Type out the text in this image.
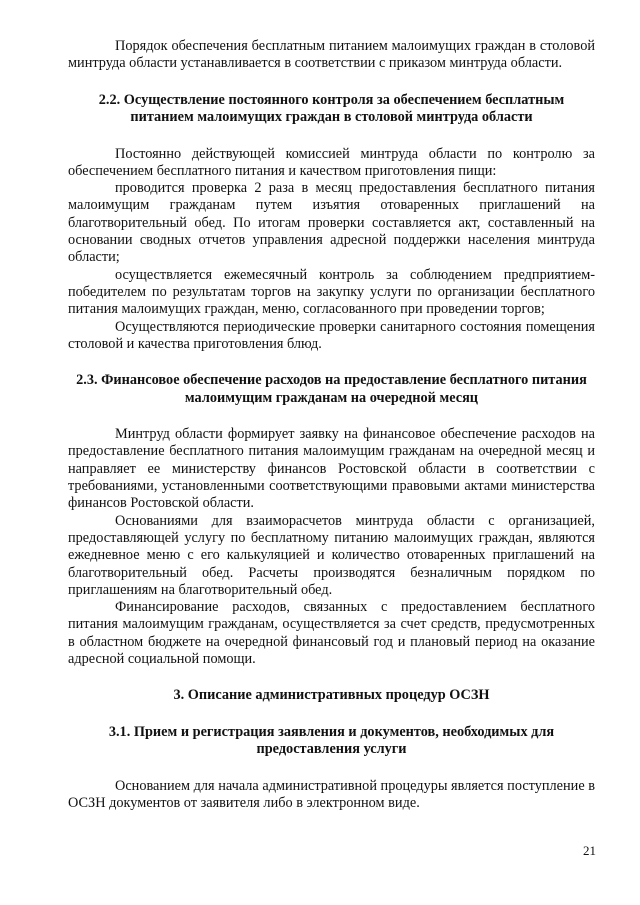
Порядок обеспечения бесплатным питанием малоимущих граждан в столовой минтруда области устанавливается в соответствии с приказом минтруда области.

2.2. Осуществление постоянного контроля за обеспечением бесплатным питанием малоимущих граждан в столовой минтруда области

Постоянно действующей комиссией минтруда области по контролю за обеспечением бесплатного питания и качеством приготовления пищи:

проводится проверка 2 раза в месяц предоставления бесплатного питания малоимущим гражданам путем изъятия отоваренных приглашений на благотворительный обед. По итогам проверки составляется акт, составленный на основании сводных отчетов управления адресной поддержки населения минтруда области;

осуществляется ежемесячный контроль за соблюдением предприятием-победителем по результатам торгов на закупку услуги по организации бесплатного питания малоимущих граждан, меню, согласованного при проведении торгов;

Осуществляются периодические проверки санитарного состояния помещения столовой и качества приготовления блюд.

2.3. Финансовое обеспечение расходов на предоставление бесплатного питания малоимущим гражданам на очередной месяц

Минтруд области формирует заявку на финансовое обеспечение расходов на предоставление бесплатного питания малоимущим гражданам на очередной месяц и направляет ее министерству финансов Ростовской области в соответствии с требованиями, установленными соответствующими правовыми актами министерства финансов Ростовской области.

Основаниями для взаиморасчетов минтруда области с организацией, предоставляющей услугу по бесплатному питанию малоимущих граждан, являются ежедневное меню с его калькуляцией и количество отоваренных приглашений на благотворительный обед. Расчеты производятся безналичным порядком по приглашениям на благотворительный обед.

Финансирование расходов, связанных с предоставлением бесплатного питания малоимущим гражданам, осуществляется за счет средств, предусмотренных в областном бюджете на очередной финансовый год и плановый период на оказание адресной социальной помощи.

3. Описание административных процедур ОСЗН

3.1. Прием и регистрация заявления и документов, необходимых для предоставления услуги

Основанием для начала административной процедуры является поступление в ОСЗН документов от заявителя либо в электронном виде.

21
